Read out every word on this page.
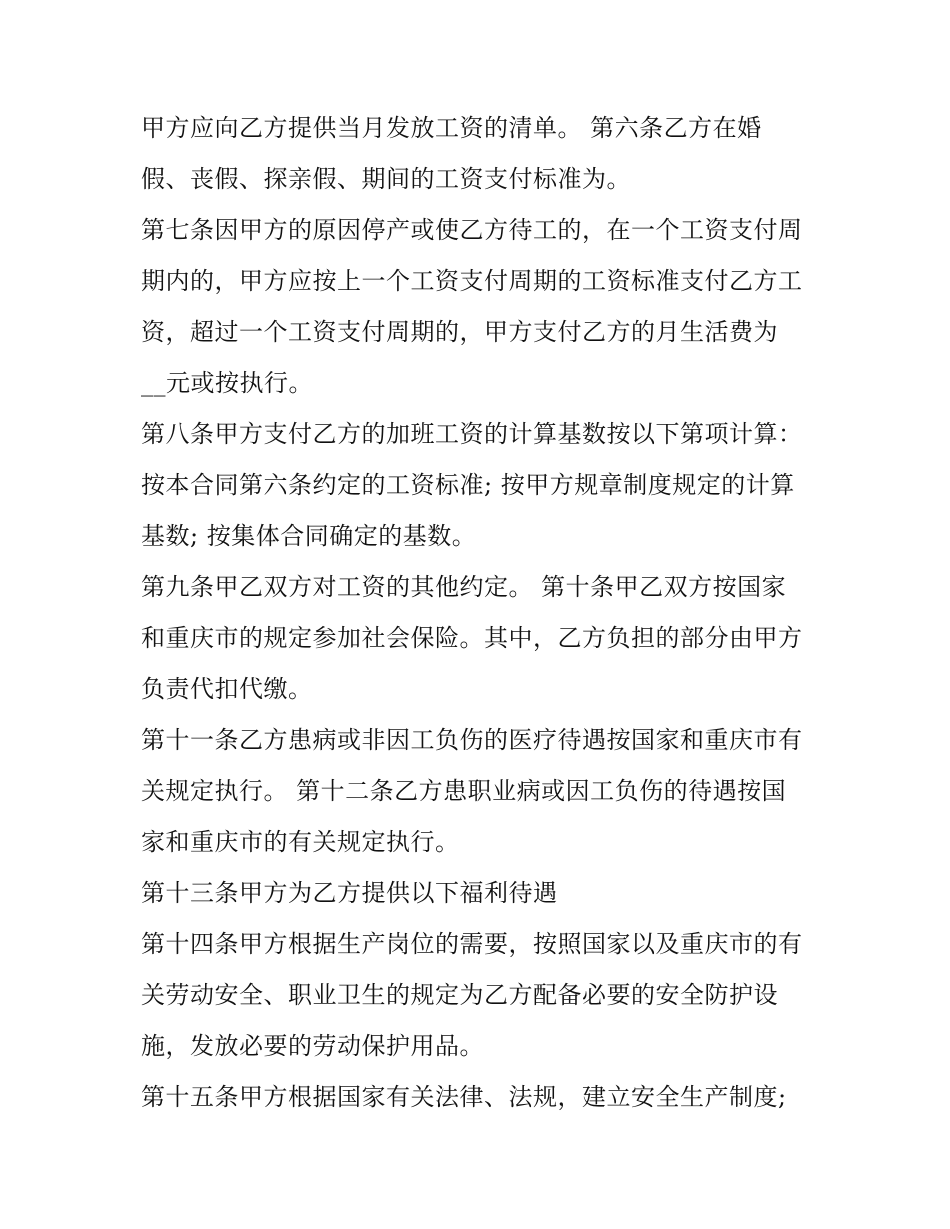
甲方应向乙方提供当月发放工资的清单。 第六条乙方在婚

假、丧假、探亲假、期间的工资支付标准为。

第七条因甲方的原因停产或使乙方待工的，在一个工资支付周

期内的，甲方应按上一个工资支付周期的工资标准支付乙方工

资，超过一个工资支付周期的，甲方支付乙方的月生活费为

__元或按执行。

第八条甲方支付乙方的加班工资的计算基数按以下第项计算：

按本合同第六条约定的工资标准; 按甲方规章制度规定的计算

基数; 按集体合同确定的基数。

第九条甲乙双方对工资的其他约定。 第十条甲乙双方按国家

和重庆市的规定参加社会保险。其中，乙方负担的部分由甲方

负责代扣代缴。

第十一条乙方患病或非因工负伤的医疗待遇按国家和重庆市有

关规定执行。 第十二条乙方患职业病或因工负伤的待遇按国

家和重庆市的有关规定执行。

第十三条甲方为乙方提供以下福利待遇

第十四条甲方根据生产岗位的需要，按照国家以及重庆市的有

关劳动安全、职业卫生的规定为乙方配备必要的安全防护设

施，发放必要的劳动保护用品。

第十五条甲方根据国家有关法律、法规，建立安全生产制度;
